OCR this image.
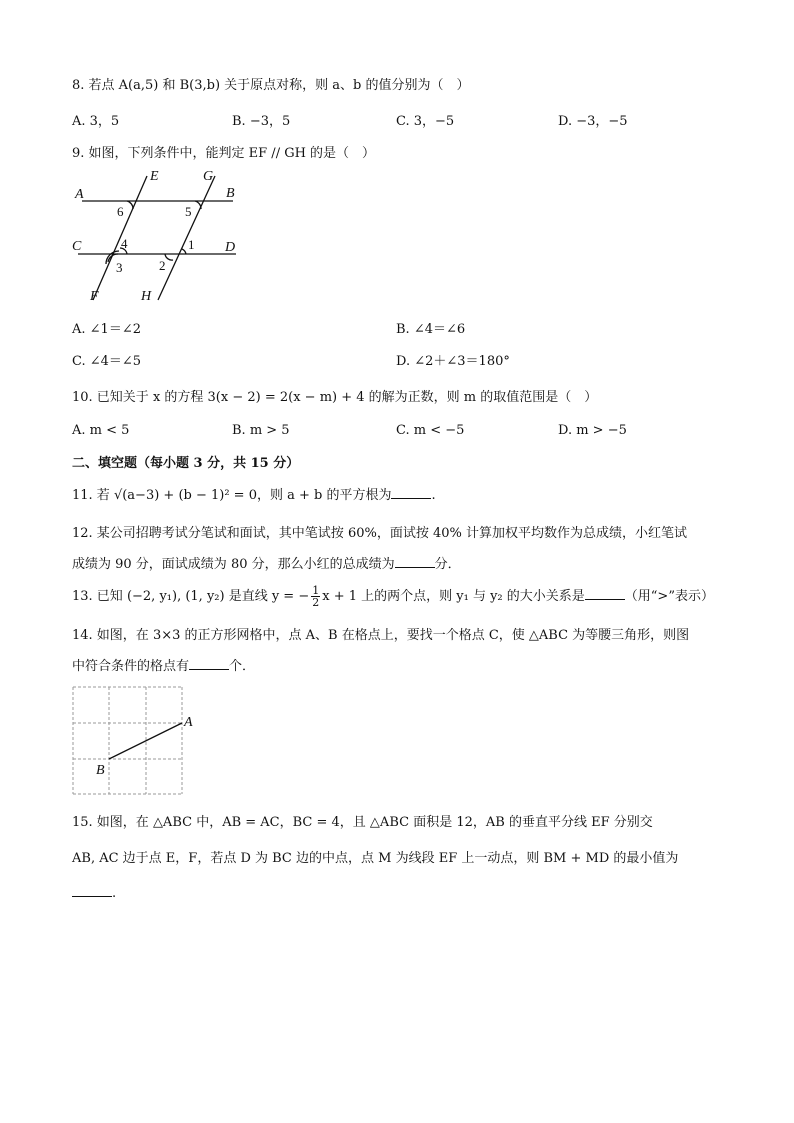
8. 若点 A(a,5) 和 B(3,b) 关于原点对称，则 a、b 的值分别为（　）
A. 3，5	B. −3，5	C. 3，−5	D. −3，−5
9. 如图，下列条件中，能判定 EF // GH 的是（　）
A	B
C	D
E
F
G
H
1
2
3
4
5
6
A. ∠1＝∠2	B. ∠4＝∠6
C. ∠4＝∠5	D. ∠2＋∠3＝180°
10. 已知关于 x 的方程 3(x − 2) = 2(x − m) + 4 的解为正数，则 m 的取值范围是（　）
A. m < 5	B. m > 5	C. m < −5	D. m > −5
二、填空题（每小题 3 分，共 15 分）
11. 若 √(a−3) + (b − 1)² = 0，则 a + b 的平方根为	.
12. 某公司招聘考试分笔试和面试，其中笔试按 60%，面试按 40% 计算加权平均数作为总成绩，小红笔试
成绩为 90 分，面试成绩为 80 分，那么小红的总成绩为	分．
13. 已知 (−2, y₁), (1, y₂) 是直线 y = − $\frac{1}{2}$ x + 1 上的两个点，则 y₁ 与 y₂ 的大小关系是	（用“>”表示）
14. 如图，在 3×3 的正方形网格中，点 A、B 在格点上，要找一个格点 C，使 △ABC 为等腰三角形，则图
中符合条件的格点有	个．
A
B
15. 如图，在 △ABC 中，AB = AC，BC = 4，且 △ABC 面积是 12，AB 的垂直平分线 EF 分别交
AB, AC 边于点 E，F，若点 D 为 BC 边的中点，点 M 为线段 EF 上一动点，则 BM + MD 的最小值为
.
